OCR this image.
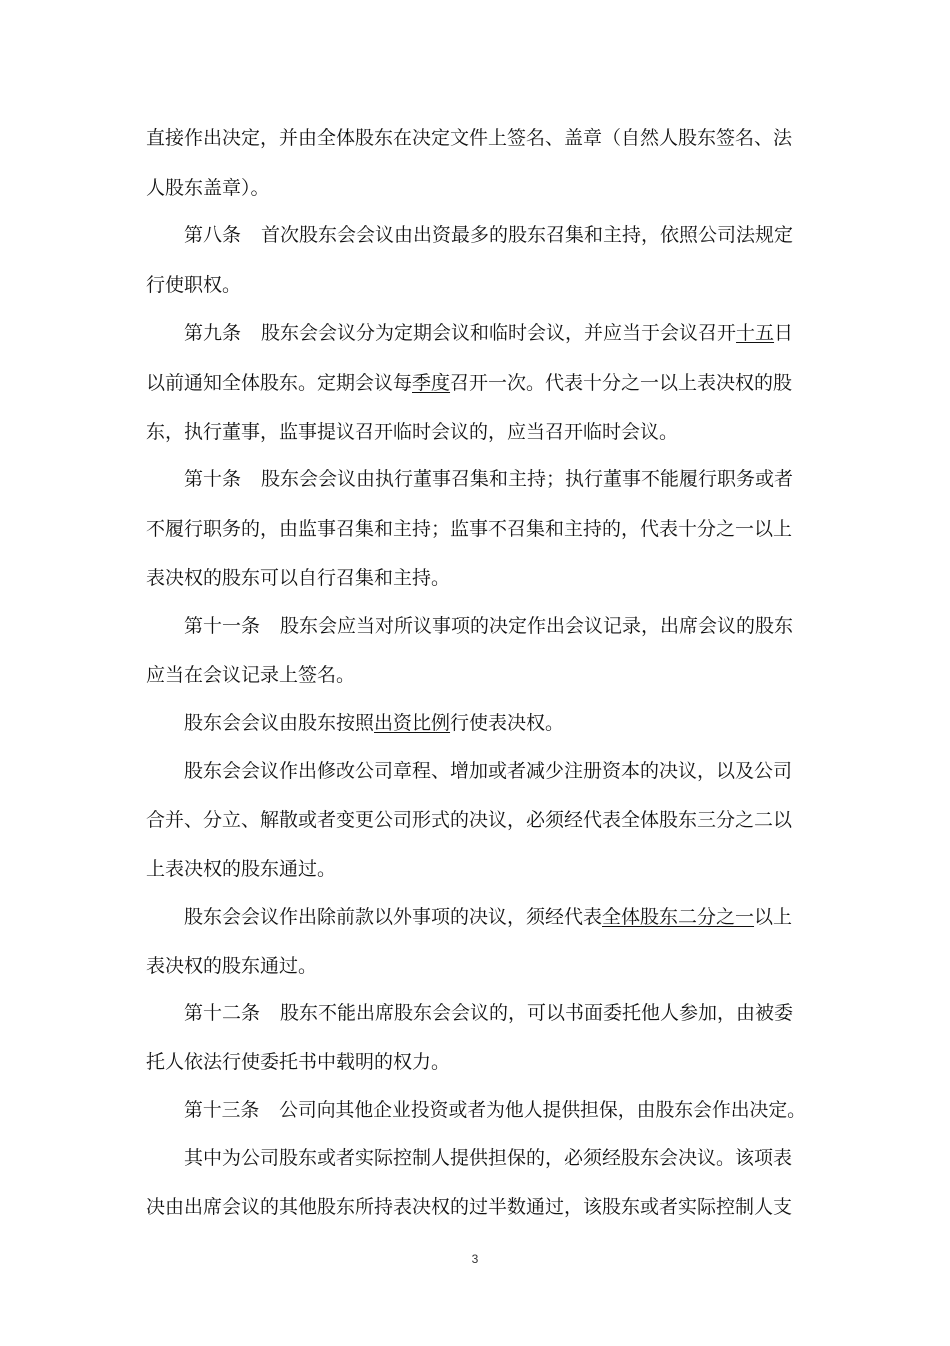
直接作出决定，并由全体股东在决定文件上签名、盖章（自然人股东签名、法
人股东盖章）。
第八条 首次股东会会议由出资最多的股东召集和主持，依照公司法规定
行使职权。
第九条 股东会会议分为定期会议和临时会议，并应当于会议召开十五日
以前通知全体股东。定期会议每季度召开一次。代表十分之一以上表决权的股
东，执行董事，监事提议召开临时会议的，应当召开临时会议。
第十条 股东会会议由执行董事召集和主持；执行董事不能履行职务或者
不履行职务的，由监事召集和主持；监事不召集和主持的，代表十分之一以上
表决权的股东可以自行召集和主持。
第十一条 股东会应当对所议事项的决定作出会议记录，出席会议的股东
应当在会议记录上签名。
股东会会议由股东按照出资比例行使表决权。
股东会会议作出修改公司章程、增加或者减少注册资本的决议，以及公司
合并、分立、解散或者变更公司形式的决议，必须经代表全体股东三分之二以
上表决权的股东通过。
股东会会议作出除前款以外事项的决议，须经代表全体股东二分之一以上
表决权的股东通过。
第十二条 股东不能出席股东会会议的，可以书面委托他人参加，由被委
托人依法行使委托书中载明的权力。
第十三条 公司向其他企业投资或者为他人提供担保，由股东会作出决定。
其中为公司股东或者实际控制人提供担保的，必须经股东会决议。该项表
决由出席会议的其他股东所持表决权的过半数通过，该股东或者实际控制人支
3
